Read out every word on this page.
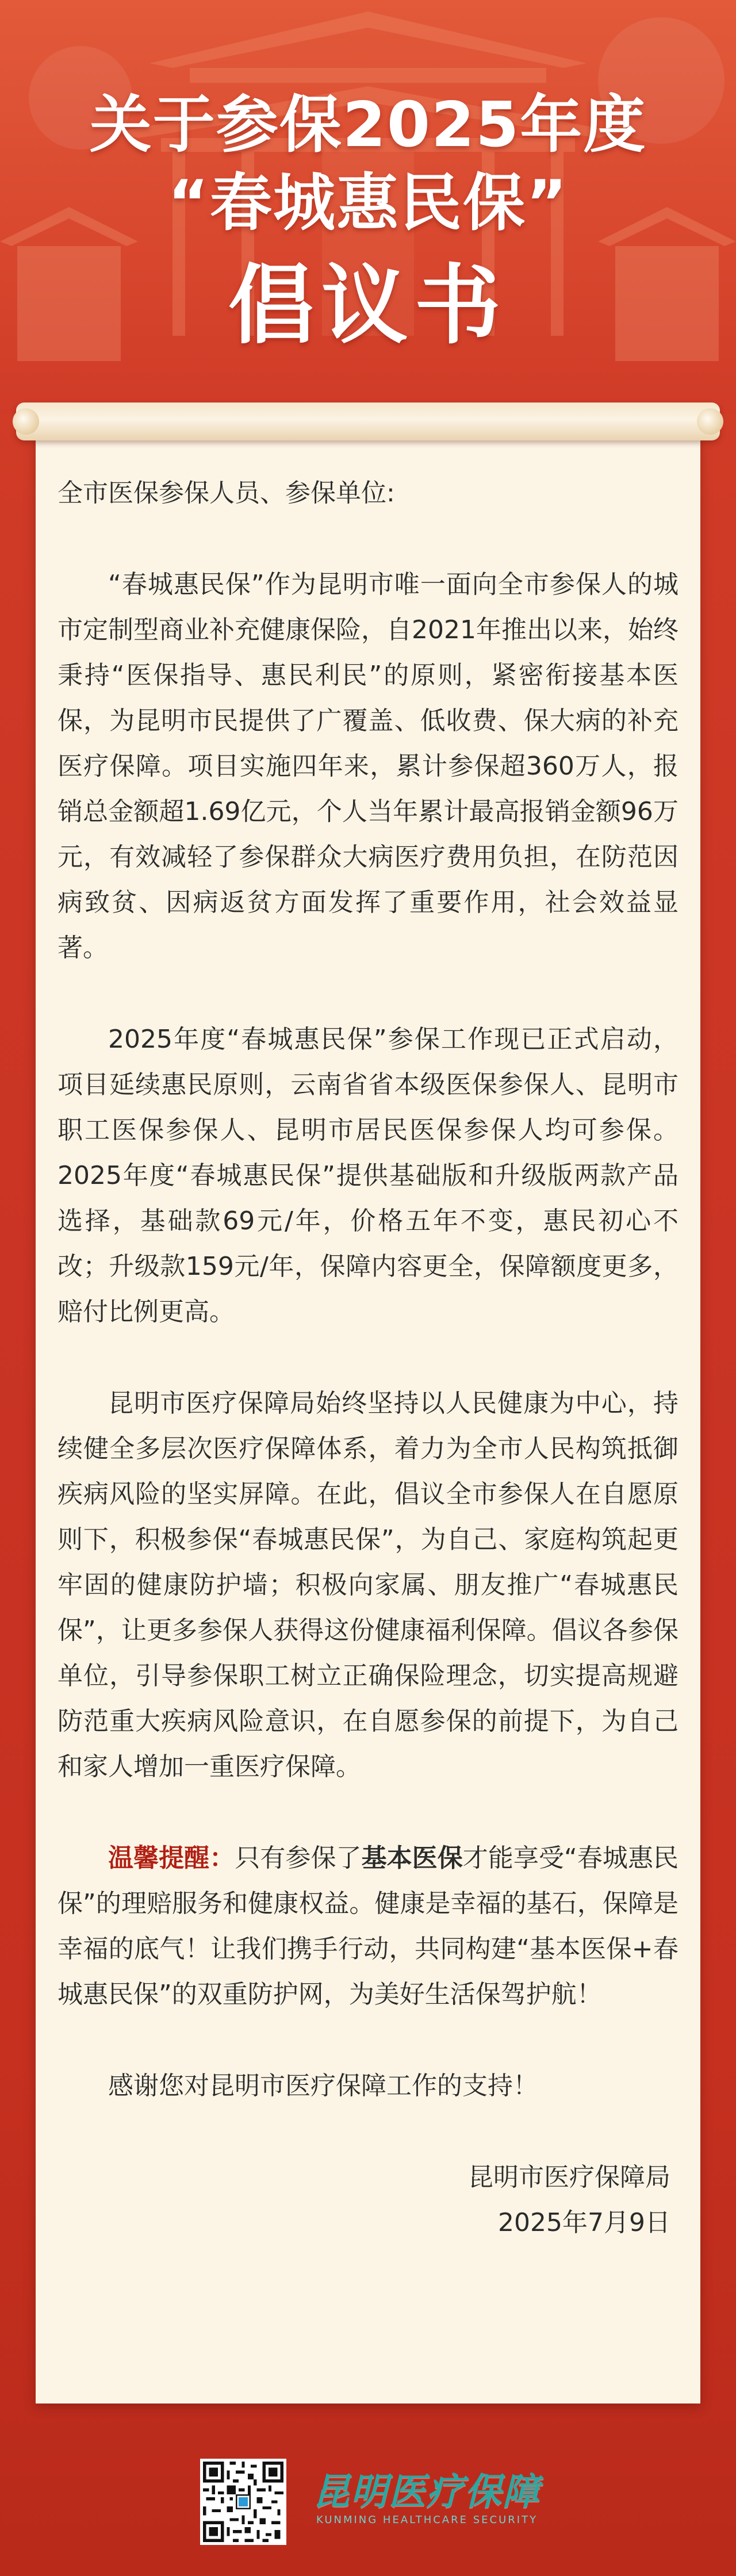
关于参保2025年度
“春城惠民保”
倡议书

全市医保参保人员、参保单位:

“春城惠民保”作为昆明市唯一面向全市参保人的城市定制型商业补充健康保险，自2021年推出以来，始终秉持“医保指导、惠民利民”的原则，紧密衔接基本医保，为昆明市民提供了广覆盖、低收费、保大病的补充医疗保障。项目实施四年来，累计参保超360万人，报销总金额超1.69亿元，个人当年累计最高报销金额96万元，有效减轻了参保群众大病医疗费用负担，在防范因病致贫、因病返贫方面发挥了重要作用，社会效益显著。

2025年度“春城惠民保”参保工作现已正式启动，项目延续惠民原则，云南省省本级医保参保人、昆明市职工医保参保人、昆明市居民医保参保人均可参保。2025年度“春城惠民保”提供基础版和升级版两款产品选择，基础款69元/年，价格五年不变，惠民初心不改；升级款159元/年，保障内容更全，保障额度更多，赔付比例更高。

昆明市医疗保障局始终坚持以人民健康为中心，持续健全多层次医疗保障体系，着力为全市人民构筑抵御疾病风险的坚实屏障。在此，倡议全市参保人在自愿原则下，积极参保“春城惠民保”，为自己、家庭构筑起更牢固的健康防护墙；积极向家属、朋友推广“春城惠民保”，让更多参保人获得这份健康福利保障。倡议各参保单位，引导参保职工树立正确保险理念，切实提高规避防范重大疾病风险意识，在自愿参保的前提下，为自己和家人增加一重医疗保障。

温馨提醒：只有参保了基本医保才能享受“春城惠民保”的理赔服务和健康权益。健康是幸福的基石，保障是幸福的底气！让我们携手行动，共同构建“基本医保+春城惠民保”的双重防护网，为美好生活保驾护航！

感谢您对昆明市医疗保障工作的支持！

昆明市医疗保障局

2025年7月9日

昆明医疗保障
KUNMING HEALTHCARE SECURITY
